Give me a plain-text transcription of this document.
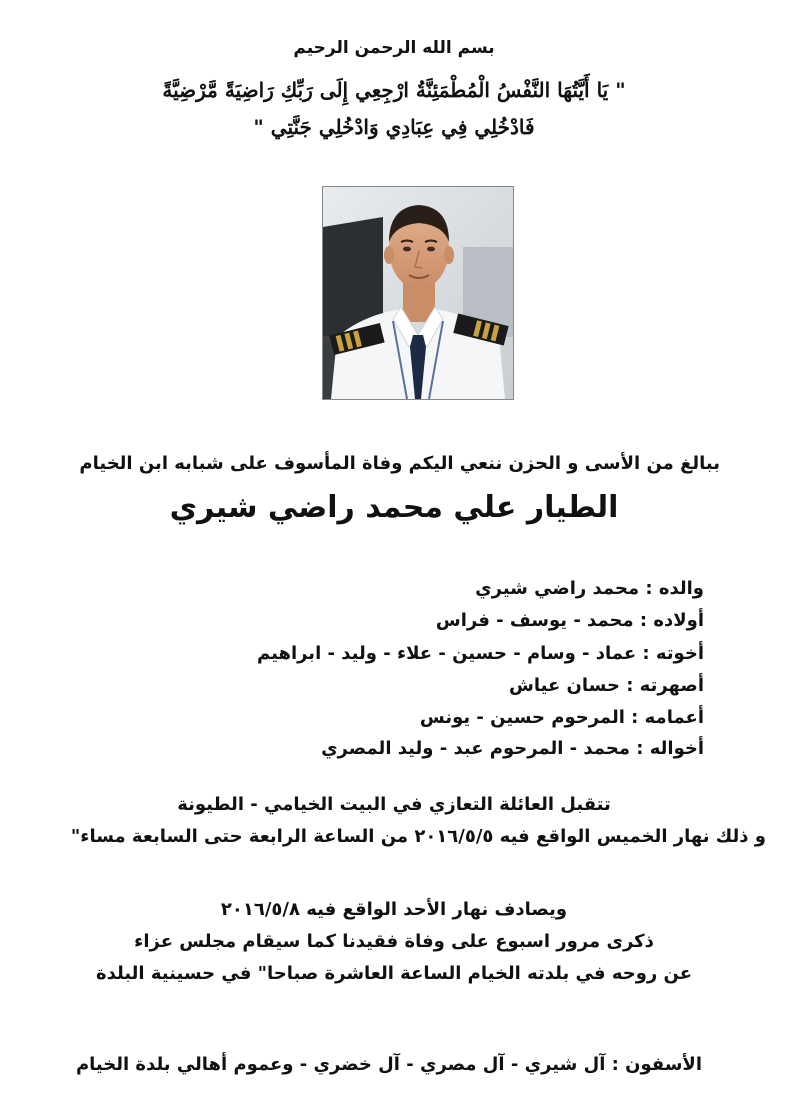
بسم الله الرحمن الرحيم

" يَا أَيَّتُهَا النَّفْسُ الْمُطْمَئِنَّةُ ارْجِعِي إِلَى رَبِّكِ رَاضِيَةً مَّرْضِيَّةً

فَادْخُلِي فِي عِبَادِي وَادْخُلِي جَنَّتِي "

ببالغ من الأسى و الحزن ننعي اليكم وفاة المأسوف على شبابه ابن الخيام

الطيار علي محمد راضي شيري

والده : محمد راضي شيري

أولاده : محمد - يوسف - فراس

أخوته : عماد - وسام - حسين - علاء - وليد - ابراهيم

أصهرته : حسان عياش

أعمامه : المرحوم حسين - يونس

أخواله : محمد - المرحوم عبد - وليد المصري

تتقبل العائلة التعازي في البيت الخيامي - الطيونة

و ذلك نهار الخميس الواقع فيه ٢٠١٦/٥/٥ من الساعة الرابعة حتى السابعة مساء"

ويصادف نهار الأحد الواقع فيه ٢٠١٦/٥/٨

ذكرى مرور اسبوع على وفاة فقيدنا كما سيقام مجلس عزاء

عن روحه في بلدته الخيام الساعة العاشرة صباحا" في حسينية البلدة

الأسفون : آل شيري - آل مصري - آل خضري - وعموم أهالي بلدة الخيام
